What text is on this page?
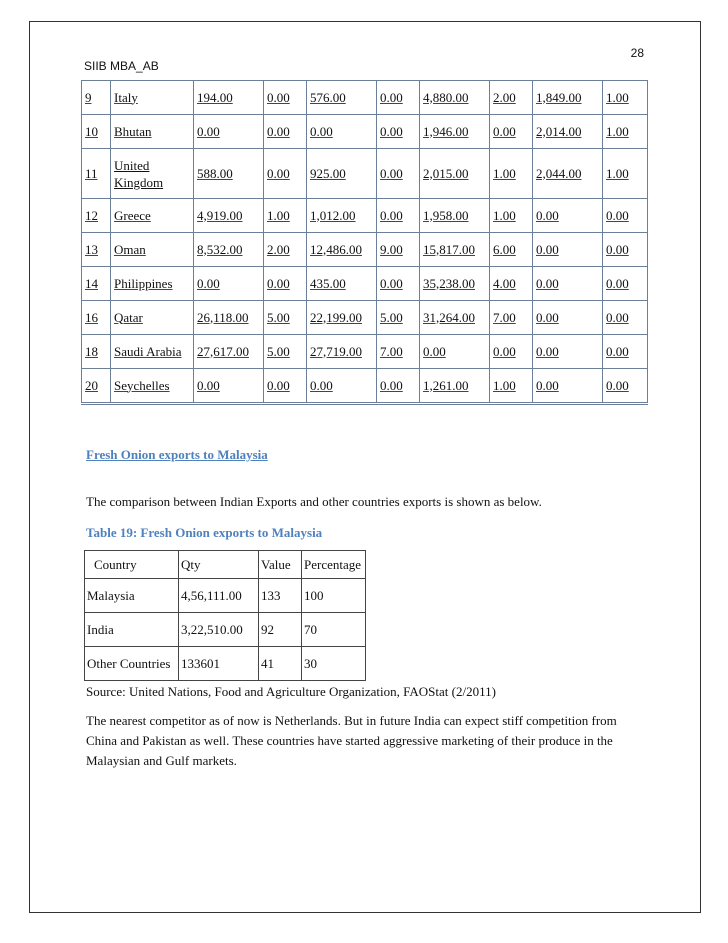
28
SIIB MBA_AB
9	Italy	194.00	0.00	576.00	0.00	4,880.00	2.00	1,849.00	1.00
10	Bhutan	0.00	0.00	0.00	0.00	1,946.00	0.00	2,014.00	1.00
11	United Kingdom	588.00	0.00	925.00	0.00	2,015.00	1.00	2,044.00	1.00
12	Greece	4,919.00	1.00	1,012.00	0.00	1,958.00	1.00	0.00	0.00
13	Oman	8,532.00	2.00	12,486.00	9.00	15,817.00	6.00	0.00	0.00
14	Philippines	0.00	0.00	435.00	0.00	35,238.00	4.00	0.00	0.00
16	Qatar	26,118.00	5.00	22,199.00	5.00	31,264.00	7.00	0.00	0.00
18	Saudi Arabia	27,617.00	5.00	27,719.00	7.00	0.00	0.00	0.00	0.00
20	Seychelles	0.00	0.00	0.00	0.00	1,261.00	1.00	0.00	0.00
Fresh Onion exports to Malaysia
The comparison between Indian Exports and other countries exports is shown as below.
Table 19: Fresh Onion exports to Malaysia
Country	Qty	Value	Percentage
Malaysia	4,56,111.00	133	100
India	3,22,510.00	92	70
Other Countries	133601	41	30
Source: United Nations, Food and Agriculture Organization, FAOStat (2/2011)

The nearest competitor as of now is Netherlands. But in future India can expect stiff competition from China and Pakistan as well. These countries have started aggressive marketing of their produce in the Malaysian and Gulf markets.
